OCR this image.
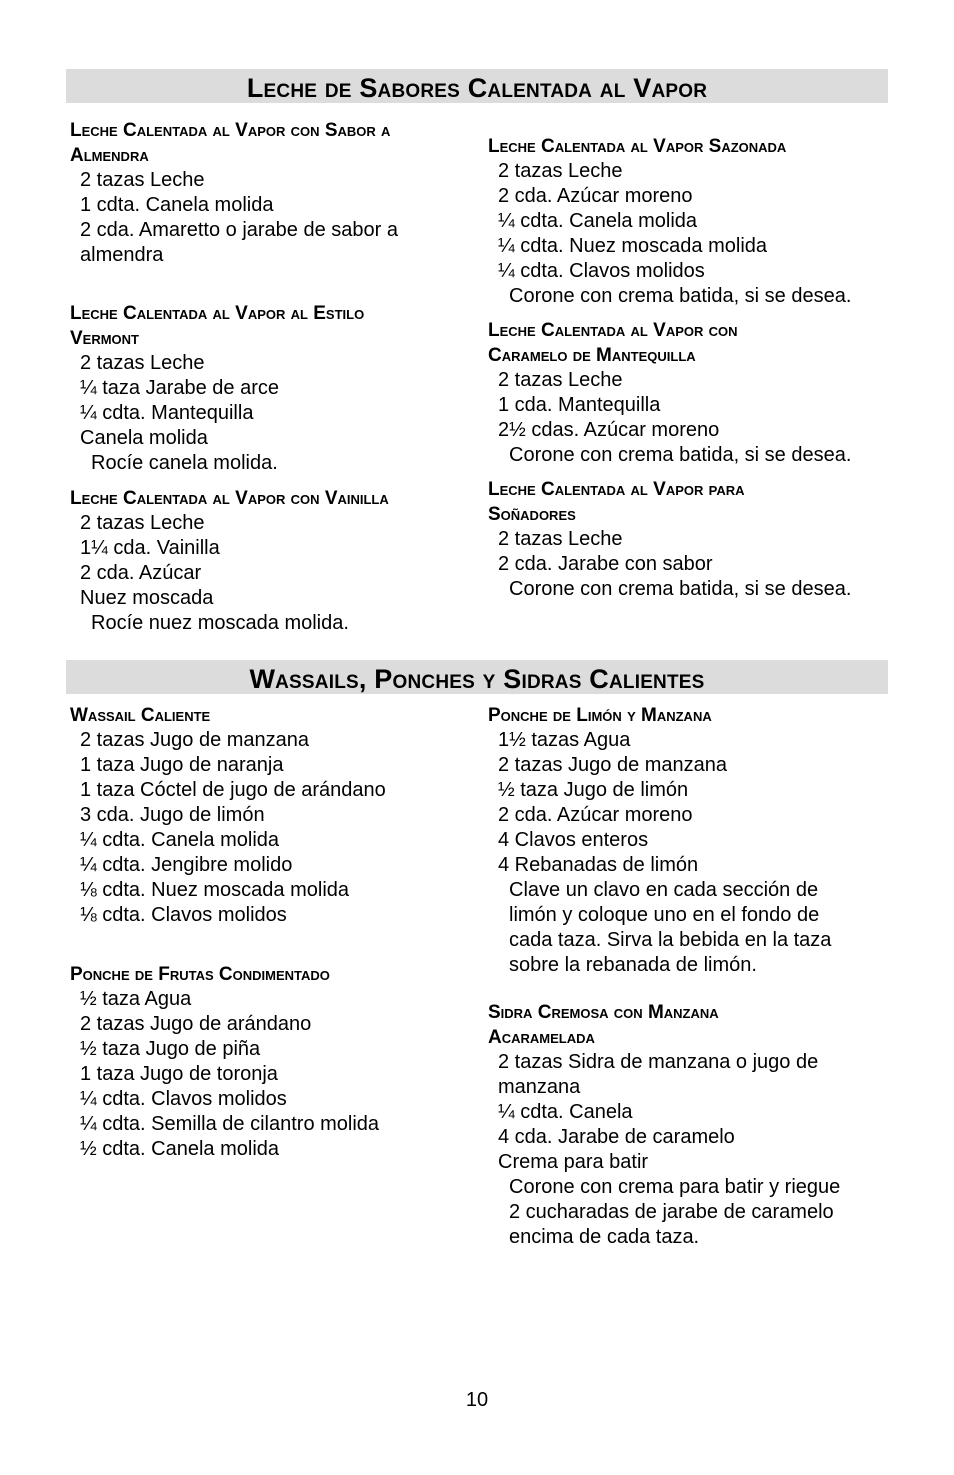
Leche de Sabores Calentada al Vapor

Leche Calentada al Vapor con Sabor a

Almendra

2 tazas Leche

1 cdta. Canela molida

2 cda. Amaretto o jarabe de sabor a

almendra

Leche Calentada al Vapor al Estilo

Vermont

2 tazas Leche

¼ taza Jarabe de arce

¼ cdta. Mantequilla

Canela molida

Rocíe canela molida.

Leche Calentada al Vapor con Vainilla

2 tazas Leche

1¼ cda. Vainilla

2 cda. Azúcar

Nuez moscada

Rocíe nuez moscada molida.

Leche Calentada al Vapor Sazonada

2 tazas Leche

2 cda. Azúcar moreno

¼ cdta. Canela molida

¼ cdta. Nuez moscada molida

¼ cdta. Clavos molidos

Corone con crema batida, si se desea.

Leche Calentada al Vapor con

Caramelo de Mantequilla

2 tazas Leche

1 cda. Mantequilla

2½ cdas. Azúcar moreno

Corone con crema batida, si se desea.

Leche Calentada al Vapor para

Soñadores

2 tazas Leche

2 cda. Jarabe con sabor

Corone con crema batida, si se desea.

Wassails, Ponches y Sidras Calientes

Wassail Caliente

2 tazas Jugo de manzana

1 taza Jugo de naranja

1 taza Cóctel de jugo de arándano

3 cda. Jugo de limón

¼ cdta. Canela molida

¼ cdta. Jengibre molido

⅛ cdta. Nuez moscada molida

⅛ cdta. Clavos molidos

Ponche de Frutas Condimentado

½ taza Agua

2 tazas Jugo de arándano

½ taza Jugo de piña

1 taza Jugo de toronja

¼ cdta. Clavos molidos

¼ cdta. Semilla de cilantro molida

½ cdta. Canela molida

Ponche de Limón y Manzana

1½ tazas Agua

2 tazas Jugo de manzana

½ taza Jugo de limón

2 cda. Azúcar moreno

4 Clavos enteros

4 Rebanadas de limón

Clave un clavo en cada sección de

limón y coloque uno en el fondo de

cada taza. Sirva la bebida en la taza

sobre la rebanada de limón.

Sidra Cremosa con Manzana

Acaramelada

2 tazas Sidra de manzana o jugo de

manzana

¼ cdta. Canela

4 cda. Jarabe de caramelo

Crema para batir

Corone con crema para batir y riegue

2 cucharadas de jarabe de caramelo

encima de cada taza.

10
